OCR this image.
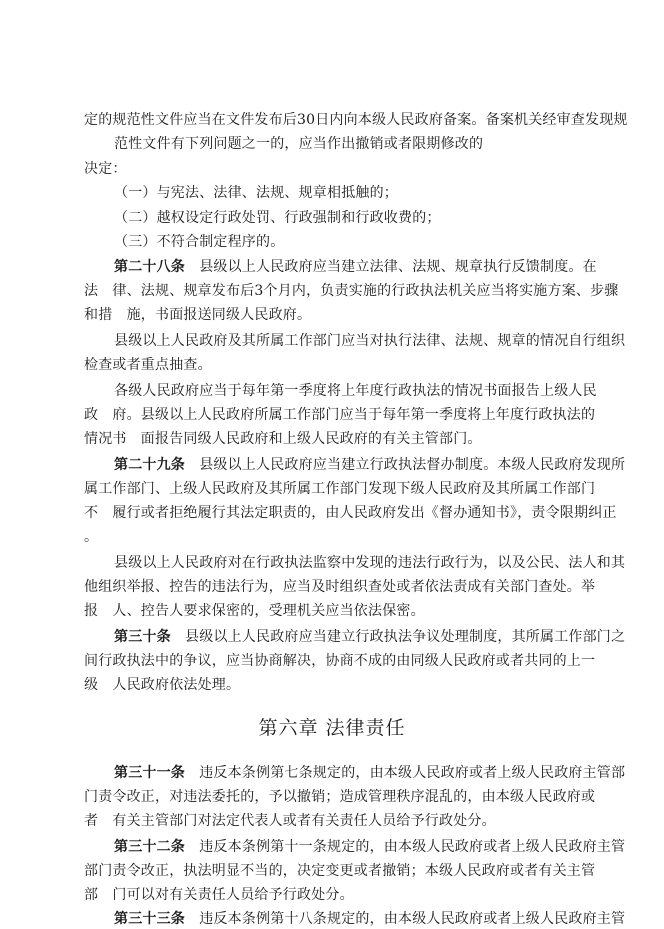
定的规范性文件应当在文件发布后30日内向本级人民政府备案。备案机关经审查发现规
范性文件有下列问题之一的，应当作出撤销或者限期修改的
决定：
（一）与宪法、法律、法规、规章相抵触的；
（二）越权设定行政处罚、行政强制和行政收费的；
（三）不符合制定程序的。
第二十八条　县级以上人民政府应当建立法律、法规、规章执行反馈制度。在
法　律、法规、规章发布后3个月内，负责实施的行政执法机关应当将实施方案、步骤
和措　施，书面报送同级人民政府。
县级以上人民政府及其所属工作部门应当对执行法律、法规、规章的情况自行组织
检查或者重点抽查。
各级人民政府应当于每年第一季度将上年度行政执法的情况书面报告上级人民
政　府。县级以上人民政府所属工作部门应当于每年第一季度将上年度行政执法的
情况书　面报告同级人民政府和上级人民政府的有关主管部门。
第二十九条　县级以上人民政府应当建立行政执法督办制度。本级人民政府发现所
属工作部门、上级人民政府及其所属工作部门发现下级人民政府及其所属工作部门
不　履行或者拒绝履行其法定职责的，由人民政府发出《督办通知书》，责令限期纠正
。
县级以上人民政府对在行政执法监察中发现的违法行政行为，以及公民、法人和其
他组织举报、控告的违法行为，应当及时组织查处或者依法责成有关部门查处。举
报　人、控告人要求保密的，受理机关应当依法保密。
第三十条　县级以上人民政府应当建立行政执法争议处理制度，其所属工作部门之
间行政执法中的争议，应当协商解决，协商不成的由同级人民政府或者共同的上一
级　人民政府依法处理。
第六章 法律责任
第三十一条　违反本条例第七条规定的，由本级人民政府或者上级人民政府主管部
门责令改正，对违法委托的，予以撤销；造成管理秩序混乱的，由本级人民政府或
者　有关主管部门对法定代表人或者有关责任人员给予行政处分。
第三十二条　违反本条例第十一条规定的，由本级人民政府或者上级人民政府主管
部门责令改正，执法明显不当的，决定变更或者撤销；本级人民政府或者有关主管
部　门可以对有关责任人员给予行政处分。
第三十三条　违反本条例第十八条规定的，由本级人民政府或者上级人民政府主管
